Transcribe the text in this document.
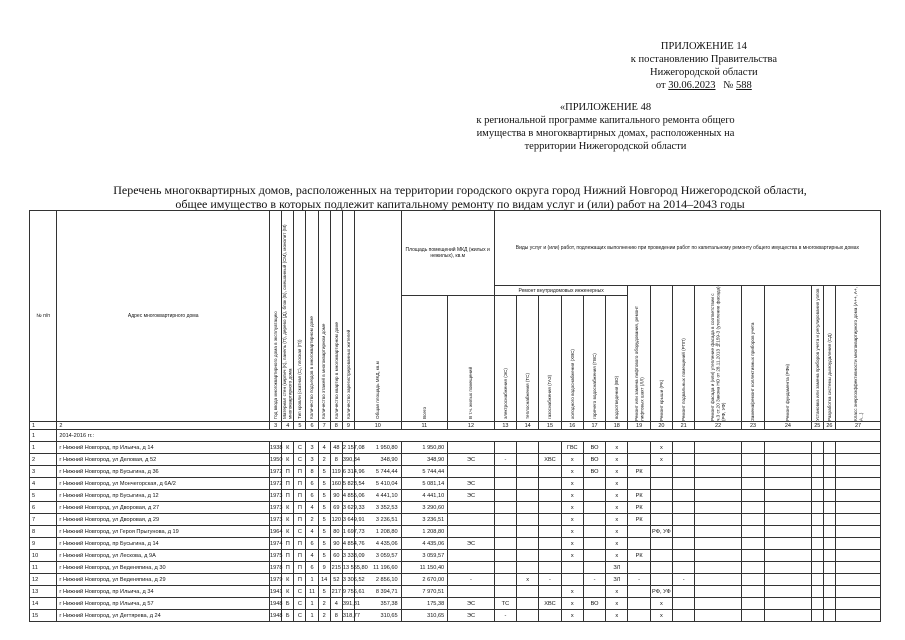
ПРИЛОЖЕНИЕ 14
к постановлению Правительства
Нижегородской области
от 30.06.2023 № 588
«ПРИЛОЖЕНИЕ 48
к региональной программе капитального ремонта общего
имущества в многоквартирных домах, расположенных на
территории Нижегородской области
Перечень многоквартирных домов, расположенных на территории городского округа город Нижний Новгород Нижегородской области,
общее имущество в которых подлежит капитальному ремонту по видам услуг и (или) работ на 2014–2043 годы
№ п/п	Адрес многоквартирного дома	Год ввода многоквартирного дома в эксплуатацию	Материал стен (кирпич (К), панель (П), дерево (Д), блок (Б), смешанный (СМ), монолит (М) многоквартирного дома	Тип кровли (скатная (С), плоская (П))	Количество подъездов в многоквартирном доме	Количество этажей в многоквартирном доме	Количество квартир в многоквартирном доме	Количество зарегистрированных жителей	Общая площадь МКД, кв.м	Площадь помещений МКД (жилых и нежилых), кв.м		Виды услуг и (или) работ, подлежащих выполнению при проведении работ по капитальному ремонту общего имущества в многоквартирных домах														
												Ремонт внутридомовых инженерных						Ремонт или замена лифтового оборудования, ремонт лифтовых шахт (ЛЛ)	Ремонт крыши (РК)	Ремонт подвальных помещений (РПП)	Ремонт фасада и (или) утепление фасада в соответствии с ч.3 ст.20 Закона НО от 28.11.2013 №159-З (утепление фасада) (РФ, УФ)	Замена/ремонт коллективных приборов учета	Ремонт фундамента (РФн)	Установка или замена приборов учета и регулирования узлов	Разработка системы дымоудаления (СД)	Класс энергоэффективности многоквартирного дома (A++, A+, A...)

										Всего	В т.ч. жилых помещений	электроснабжения (ЭС)	теплоснабжения (ТС)	газоснабжения (ГАЗ)	холодного водоснабжения (ХВС)	горячего водоснабжения (ГВС)	водоотведения (ВО)									

1	2	3	4	5	6	7	8	9	10	11	12	13	14	15	16	17	18	19	20	21	22	23	24	25	26	27
1	2014-2016 гг.:																									
1	г Нижний Новгород, пр Ильича, д 14	1938	К	С	3	4	48	2 157,08	1 950,80	1 950,80					ГВС	ВО	х		х							
2	г Нижний Новгород, ул Деловая, д 52	1950	К	С	3	2	8	390,34	348,90	348,90	ЭС	-		ХВС	х	ВО	х		х							
3	г Нижний Новгород, пр Бусыгина, д 36	1972	П	П	8	5	119	6 314,96	5 744,44	5 744,44					х	ВО	х	РК								
4	г Нижний Новгород, ул Мончегорская, д 6А/2	1972	П	П	6	5	160	5 828,54	5 410,04	5 081,14	ЭС				х		х									
5	г Нижний Новгород, пр Бусыгина, д 12	1973	П	П	6	5	90	4 855,06	4 441,10	4 441,10	ЭС				х		х	РК								
6	г Нижний Новгород, ул Дворовая, д 27	1973	К	П	4	5	69	3 629,33	3 352,53	3 290,60					х		х	РК								
7	г Нижний Новгород, ул Дворовая, д 29	1973	К	П	2	5	120	3 649,91	3 236,51	3 236,51					х		х	РК								
8	г Нижний Новгород, ул Героя Прыгунова, д 19	1964	К	С	4	5	80	1 697,73	1 208,80	1 208,80					х		х		РФ, УФ							
9	г Нижний Новгород, пр Бусыгина, д 14	1974	П	П	6	5	90	4 854,76	4 435,06	4 435,06	ЭС				х		х									
10	г Нижний Новгород, ул Лескова, д 9А	1975	П	П	4	5	60	3 338,09	3 059,57	3 059,57					х		х	РК								
11	г Нижний Новгород, ул Веденяпина, д 30	1978	П	П	6	9	215	13 555,80	11 196,60	11 150,40							ЗЛ									
12	г Нижний Новгород, ул Веденяпина, д 29	1979	К	П	1	14	52	3 306,52	2 856,10	2 670,00	-		х	-		-	ЗЛ	-		-						
13	г Нижний Новгород, пр Ильича, д 34	1941	К	С	11	5	217	9 756,61	8 394,71	7 970,51					х		х		РФ, УФ							
14	г Нижний Новгород, пр Ильича, д 57	1948	Б	С	1	2	4	391,81	357,38	175,38	ЭС	ТС		ХВС	х	ВО	х		х							
15	г Нижний Новгород, ул Дегтярева, д 24	1948	Б	С	1	2	8	318,77	310,65	310,65	ЭС	-			х		х		х							
